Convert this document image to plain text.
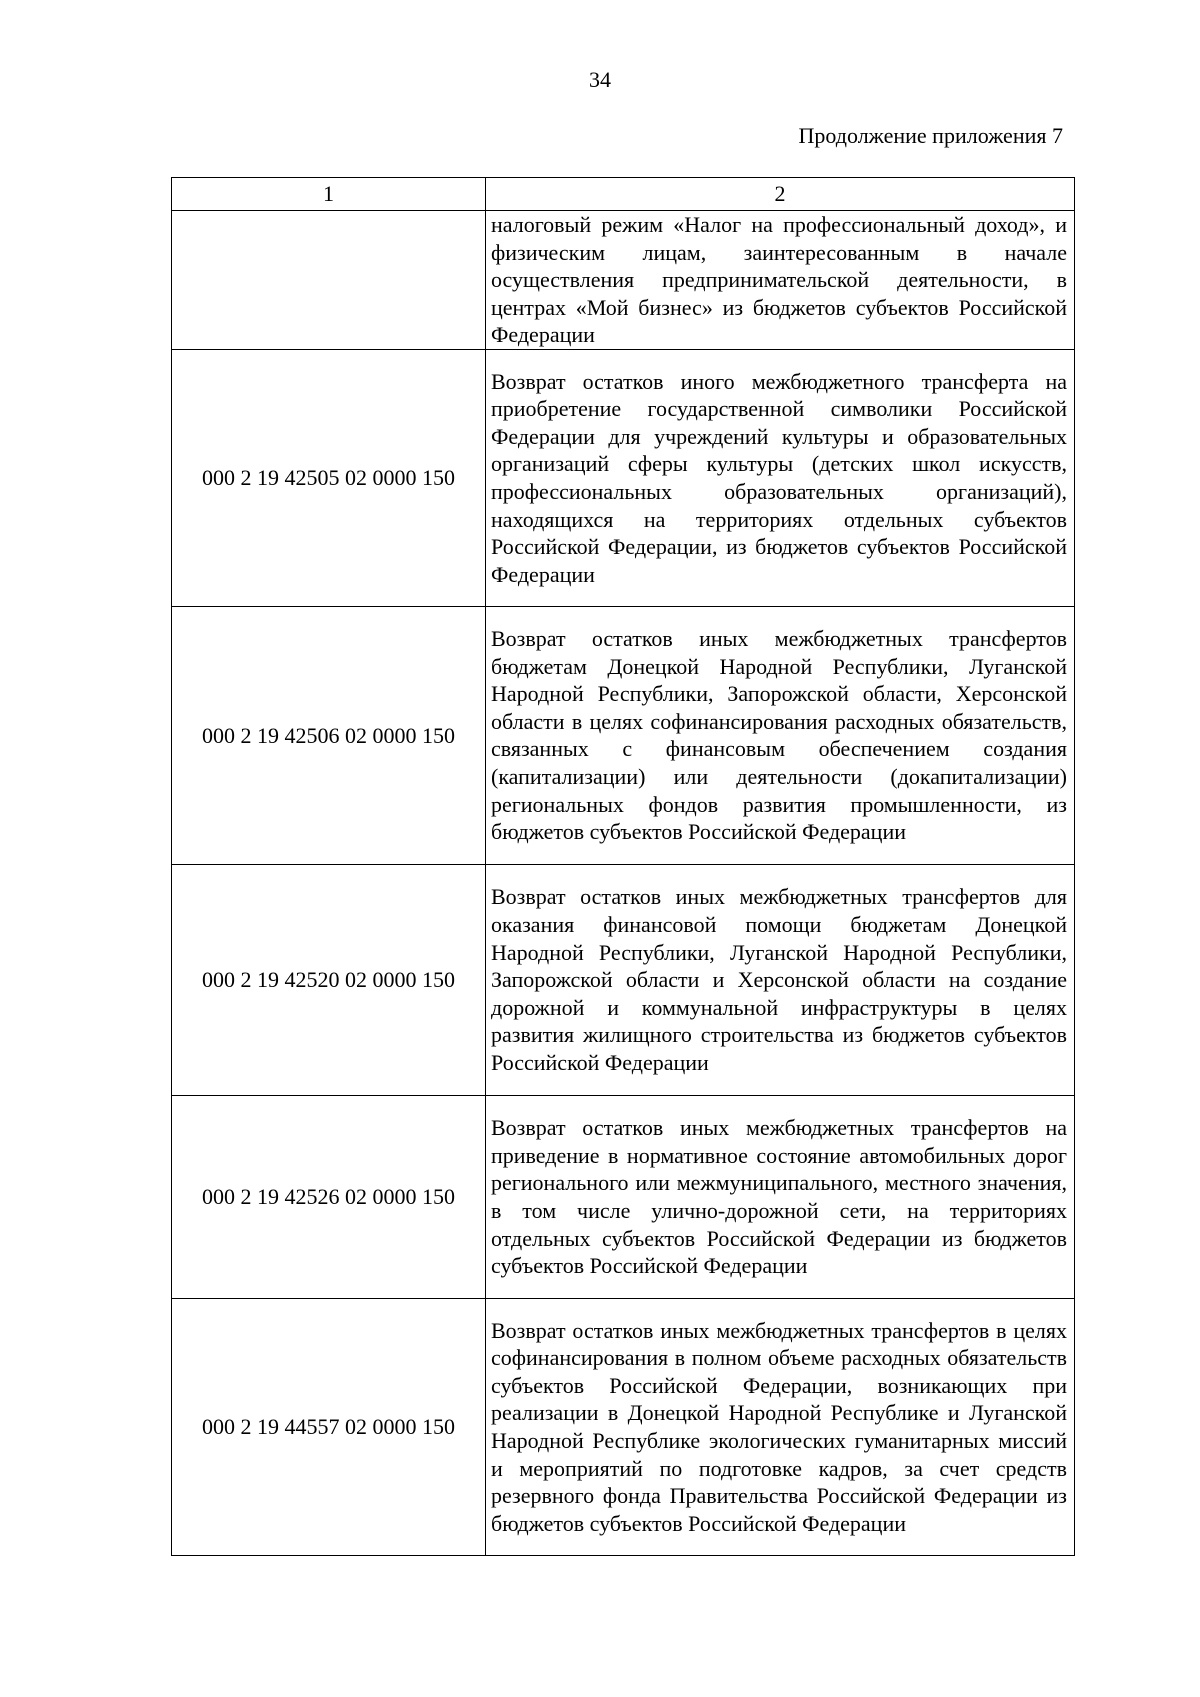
34
Продолжение приложения 7
1	2
	налоговый режим «Налог на профессиональный доход», и физическим лицам, заинтересованным в начале осуществления предпринимательской деятельности, в центрах «Мой бизнес» из бюджетов субъектов Российской Федерации
000 2 19 42505 02 0000 150	Возврат остатков иного межбюджетного трансферта на приобретение государственной символики Российской Федерации для учреждений культуры и образовательных организаций сферы культуры (детских школ искусств, профессиональных образовательных организаций), находящихся на территориях отдельных субъектов Российской Федерации, из бюджетов субъектов Российской Федерации
000 2 19 42506 02 0000 150	Возврат остатков иных межбюджетных трансфертов бюджетам Донецкой Народной Республики, Луганской Народной Республики, Запорожской области, Херсонской области в целях софинансирования расходных обязательств, связанных с финансовым обеспечением создания (капитализации) или деятельности (докапитализации) региональных фондов развития промышленности, из бюджетов субъектов Российской Федерации
000 2 19 42520 02 0000 150	Возврат остатков иных межбюджетных трансфертов для оказания финансовой помощи бюджетам Донецкой Народной Республики, Луганской Народной Республики, Запорожской области и Херсонской области на создание дорожной и коммунальной инфраструктуры в целях развития жилищного строительства из бюджетов субъектов Российской Федерации
000 2 19 42526 02 0000 150	Возврат остатков иных межбюджетных трансфертов на приведение в нормативное состояние автомобильных дорог регионального или межмуниципального, местного значения, в том числе улично-дорожной сети, на территориях отдельных субъектов Российской Федерации из бюджетов субъектов Российской Федерации
000 2 19 44557 02 0000 150	Возврат остатков иных межбюджетных трансфертов в целях софинансирования в полном объеме расходных обязательств субъектов Российской Федерации, возникающих при реализации в Донецкой Народной Республике и Луганской Народной Республике экологических гуманитарных миссий и мероприятий по подготовке кадров, за счет средств резервного фонда Правительства Российской Федерации из бюджетов субъектов Российской Федерации
